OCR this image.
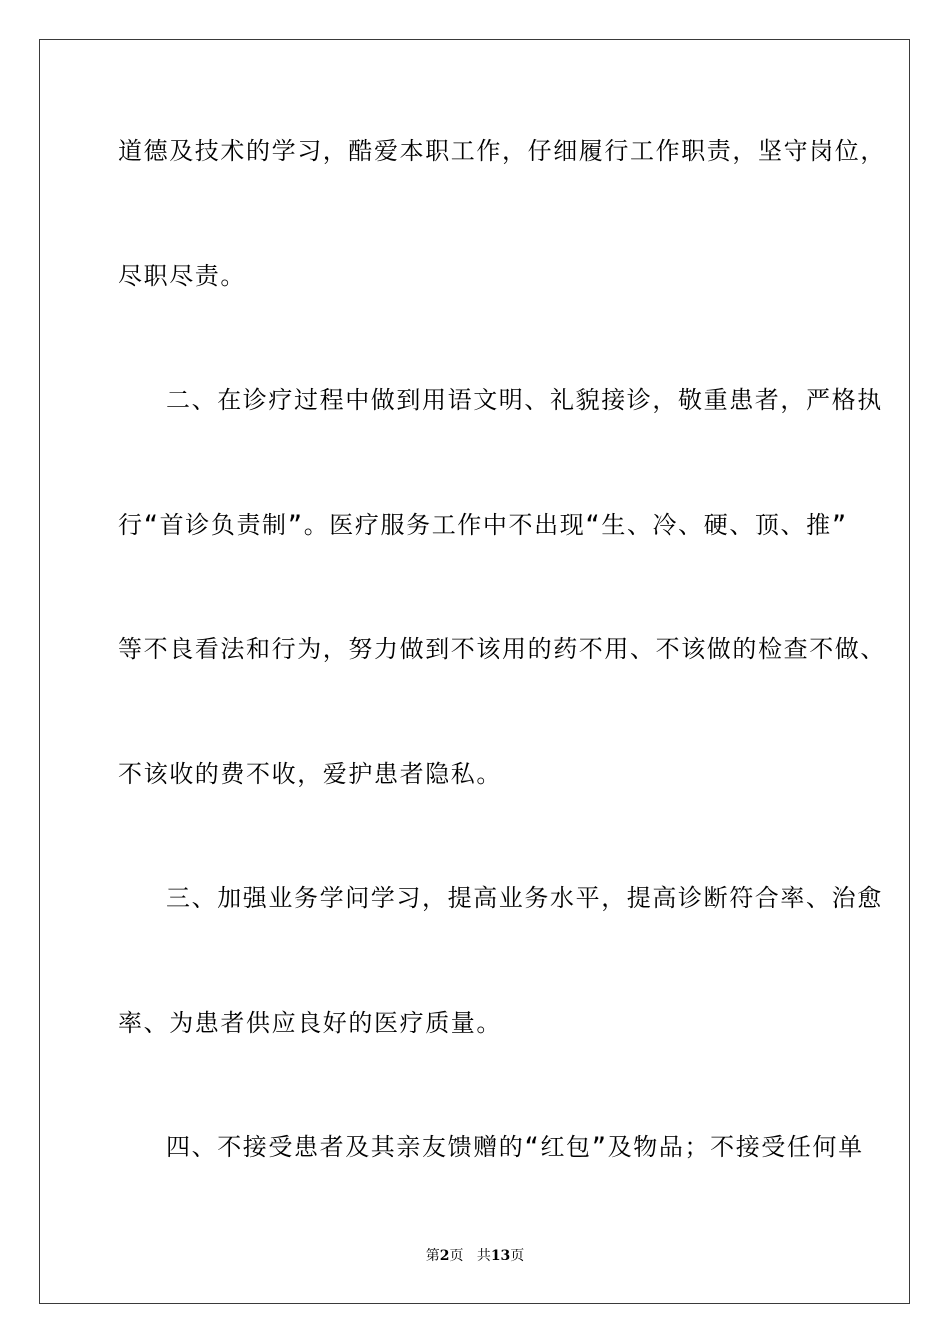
道德及技术的学习，酷爱本职工作，仔细履行工作职责，坚守岗位，
尽职尽责。
二、在诊疗过程中做到用语文明、礼貌接诊，敬重患者，严格执
行“首诊负责制”。医疗服务工作中不出现“生、冷、硬、顶、推”
等不良看法和行为，努力做到不该用的药不用、不该做的检查不做、
不该收的费不收，爱护患者隐私。
三、加强业务学问学习，提高业务水平，提高诊断符合率、治愈
率、为患者供应良好的医疗质量。
四、不接受患者及其亲友馈赠的“红包”及物品；不接受任何单
第2页 共13页
